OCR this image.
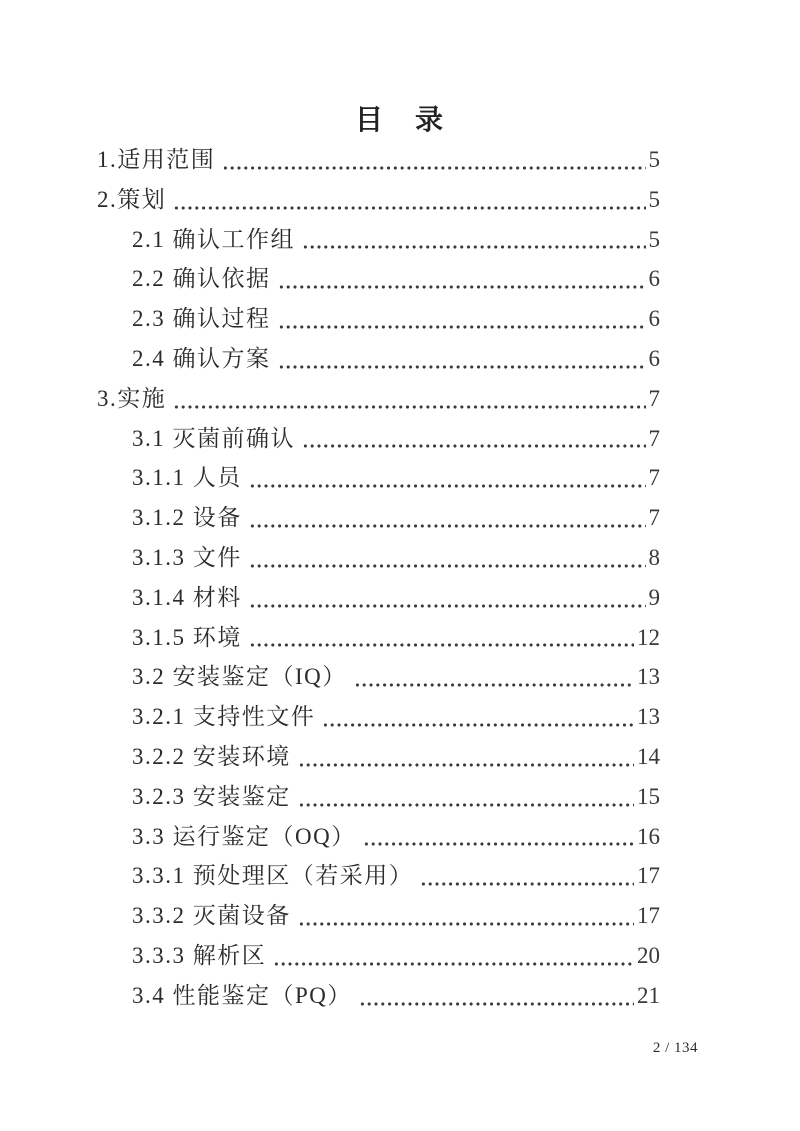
目　录
1.适用范围	5
2.策划	5
2.1 确认工作组	5
2.2 确认依据	6
2.3 确认过程	6
2.4 确认方案	6
3.实施	7
3.1 灭菌前确认	7
3.1.1 人员	7
3.1.2 设备	7
3.1.3 文件	8
3.1.4 材料	9
3.1.5 环境	12
3.2 安装鉴定（IQ）	13
3.2.1 支持性文件	13
3.2.2 安装环境	14
3.2.3 安装鉴定	15
3.3 运行鉴定（OQ）	16
3.3.1 预处理区（若采用）	17
3.3.2 灭菌设备	17
3.3.3 解析区	20
3.4 性能鉴定（PQ）	21
2 / 134
